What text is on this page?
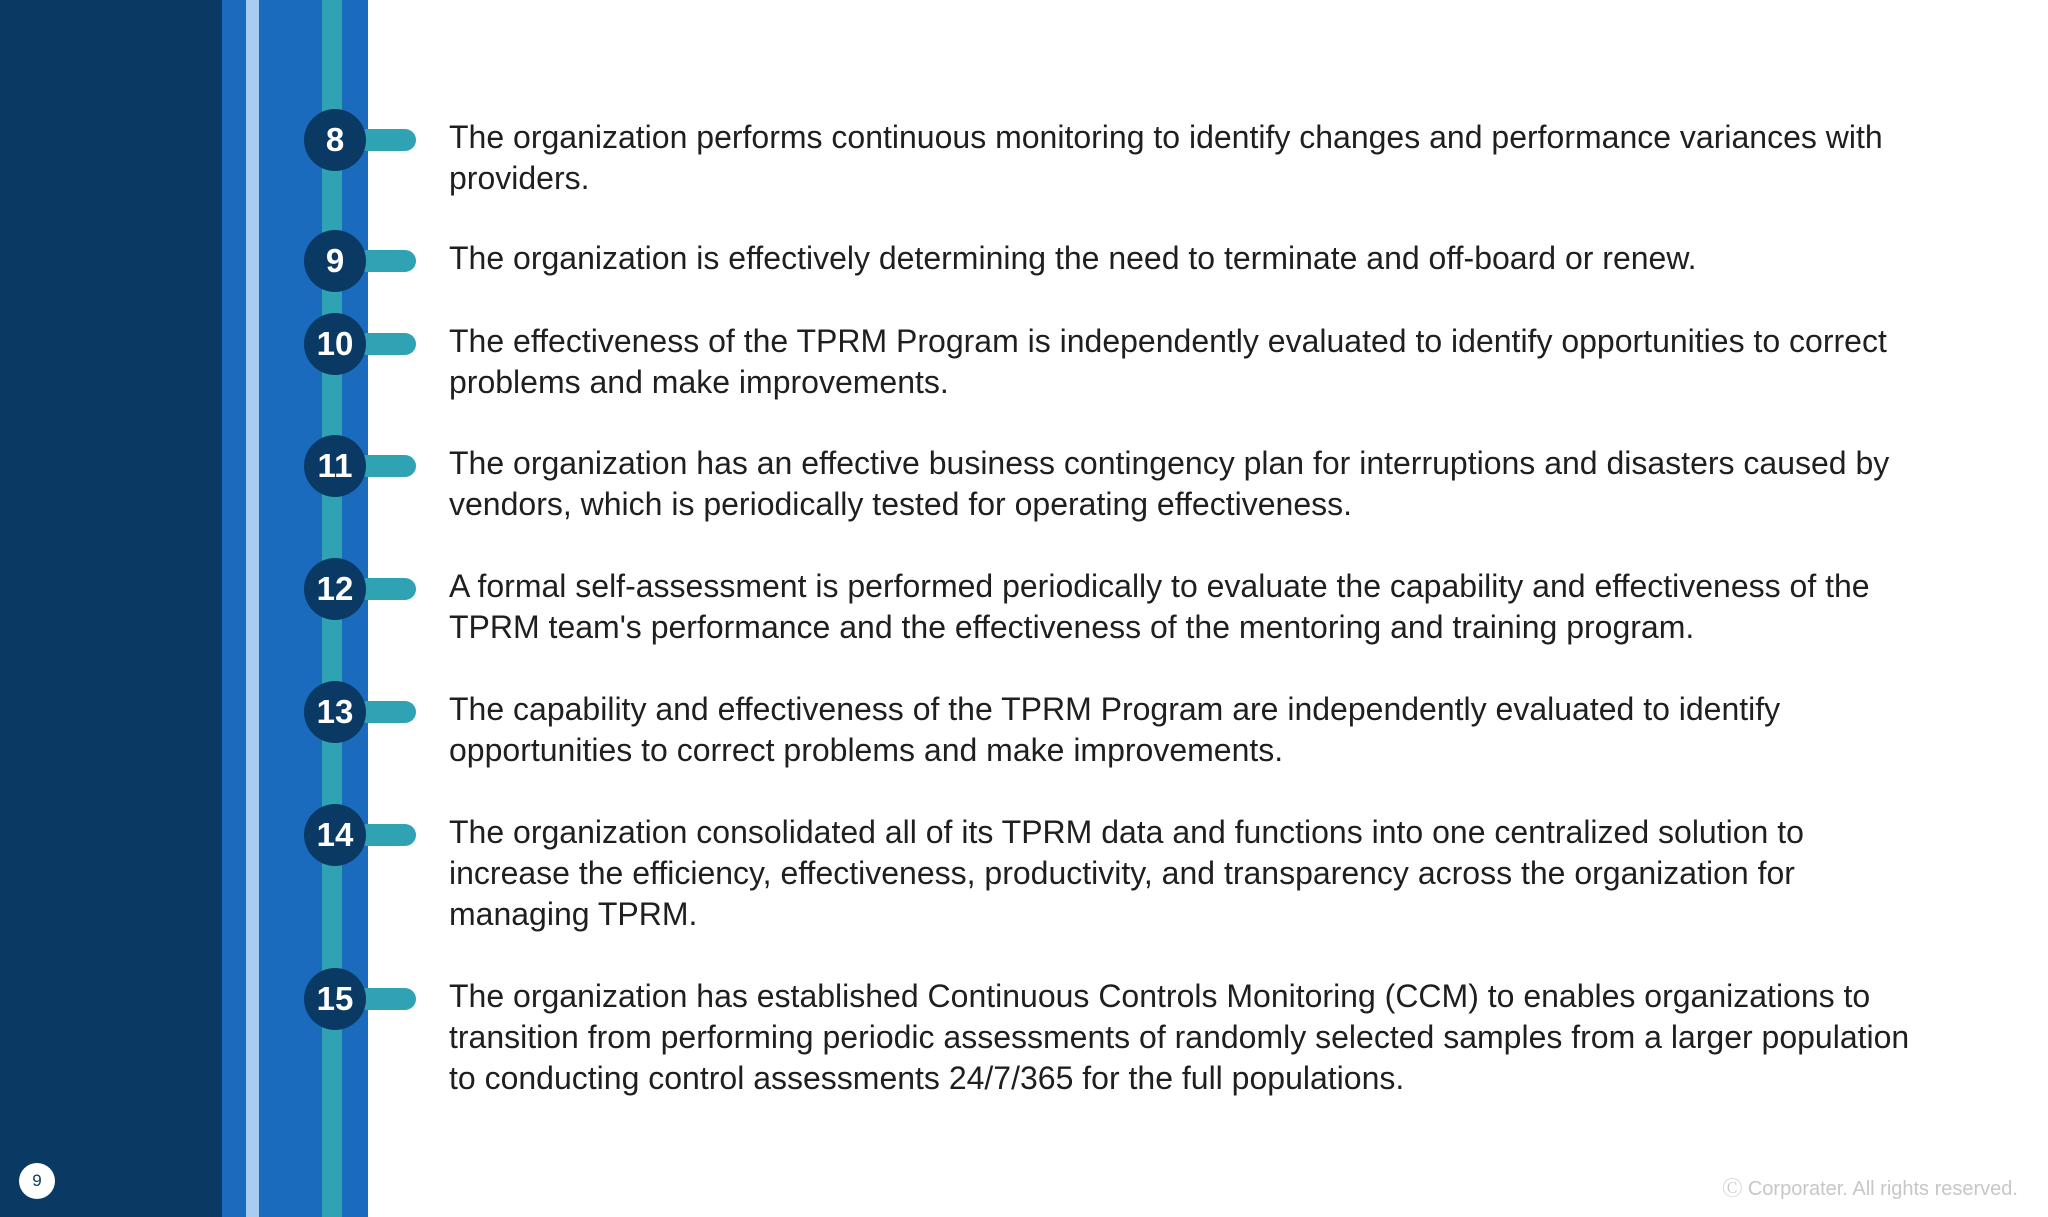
9
8	The organization performs continuous monitoring to identify changes and performance variances with providers.

9	The organization is effectively determining the need to terminate and off-board or renew.

10	The effectiveness of the TPRM Program is independently evaluated to identify opportunities to correct problems and make improvements.

11	The organization has an effective business contingency plan for interruptions and disasters caused by vendors, which is periodically tested for operating effectiveness.

12	A formal self-assessment is performed periodically to evaluate the capability and effectiveness of the TPRM team's performance and the effectiveness of the mentoring and training program.

13	The capability and effectiveness of the TPRM Program are independently evaluated to identify opportunities to correct problems and make improvements.

14	The organization consolidated all of its TPRM data and functions into one centralized solution to increase the efficiency, effectiveness, productivity, and transparency across the organization for managing TPRM.

15	The organization has established Continuous Controls Monitoring (CCM) to enables organizations to transition from performing periodic assessments of randomly selected samples from a larger population to conducting control assessments 24/7/365 for the full populations.

Ⓒ Corporater. All rights reserved.
